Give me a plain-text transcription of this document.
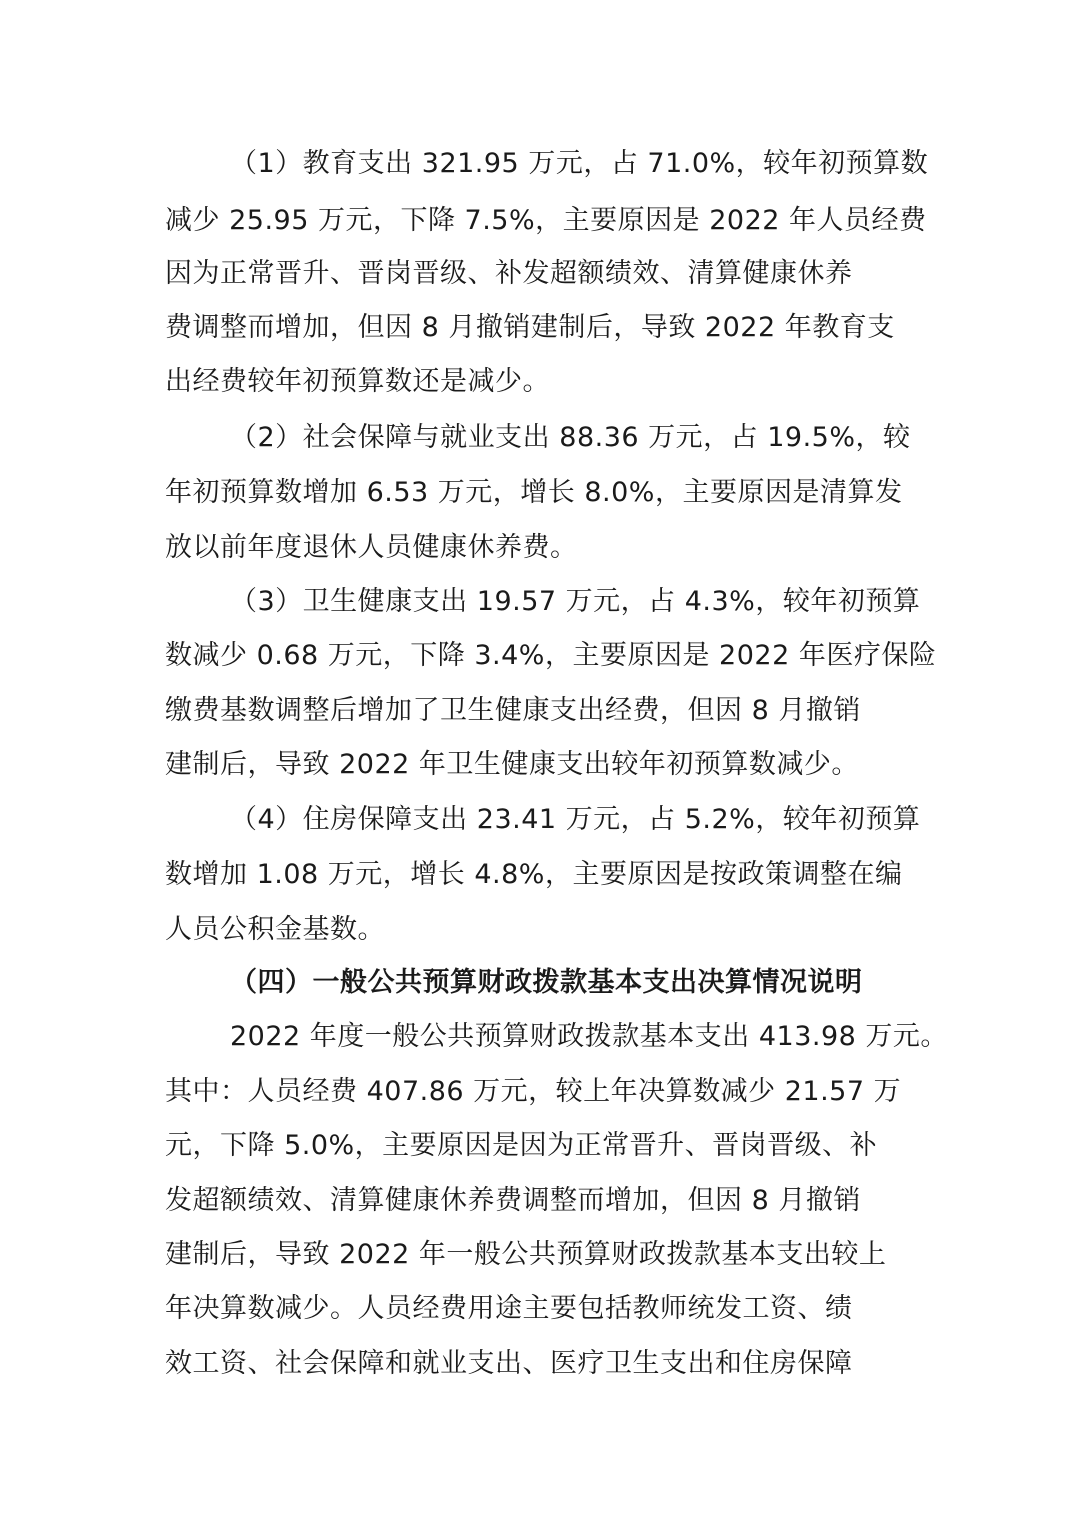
（1）教育支出 321.95 万元，占 71.0%，较年初预算数
减少 25.95 万元，下降 7.5%，主要原因是 2022 年人员经费
因为正常晋升、晋岗晋级、补发超额绩效、清算健康休养
费调整而增加，但因 8 月撤销建制后，导致 2022 年教育支
出经费较年初预算数还是减少。
（2）社会保障与就业支出 88.36 万元，占 19.5%，较
年初预算数增加 6.53 万元，增长 8.0%，主要原因是清算发
放以前年度退休人员健康休养费。
（3）卫生健康支出 19.57 万元，占 4.3%，较年初预算
数减少 0.68 万元，下降 3.4%，主要原因是 2022 年医疗保险
缴费基数调整后增加了卫生健康支出经费，但因 8 月撤销
建制后，导致 2022 年卫生健康支出较年初预算数减少。
（4）住房保障支出 23.41 万元，占 5.2%，较年初预算
数增加 1.08 万元，增长 4.8%，主要原因是按政策调整在编
人员公积金基数。
（四）一般公共预算财政拨款基本支出决算情况说明
2022 年度一般公共预算财政拨款基本支出 413.98 万元。
其中：人员经费 407.86 万元，较上年决算数减少 21.57 万
元，下降 5.0%，主要原因是因为正常晋升、晋岗晋级、补
发超额绩效、清算健康休养费调整而增加，但因 8 月撤销
建制后，导致 2022 年一般公共预算财政拨款基本支出较上
年决算数减少。人员经费用途主要包括教师统发工资、绩
效工资、社会保障和就业支出、医疗卫生支出和住房保障
